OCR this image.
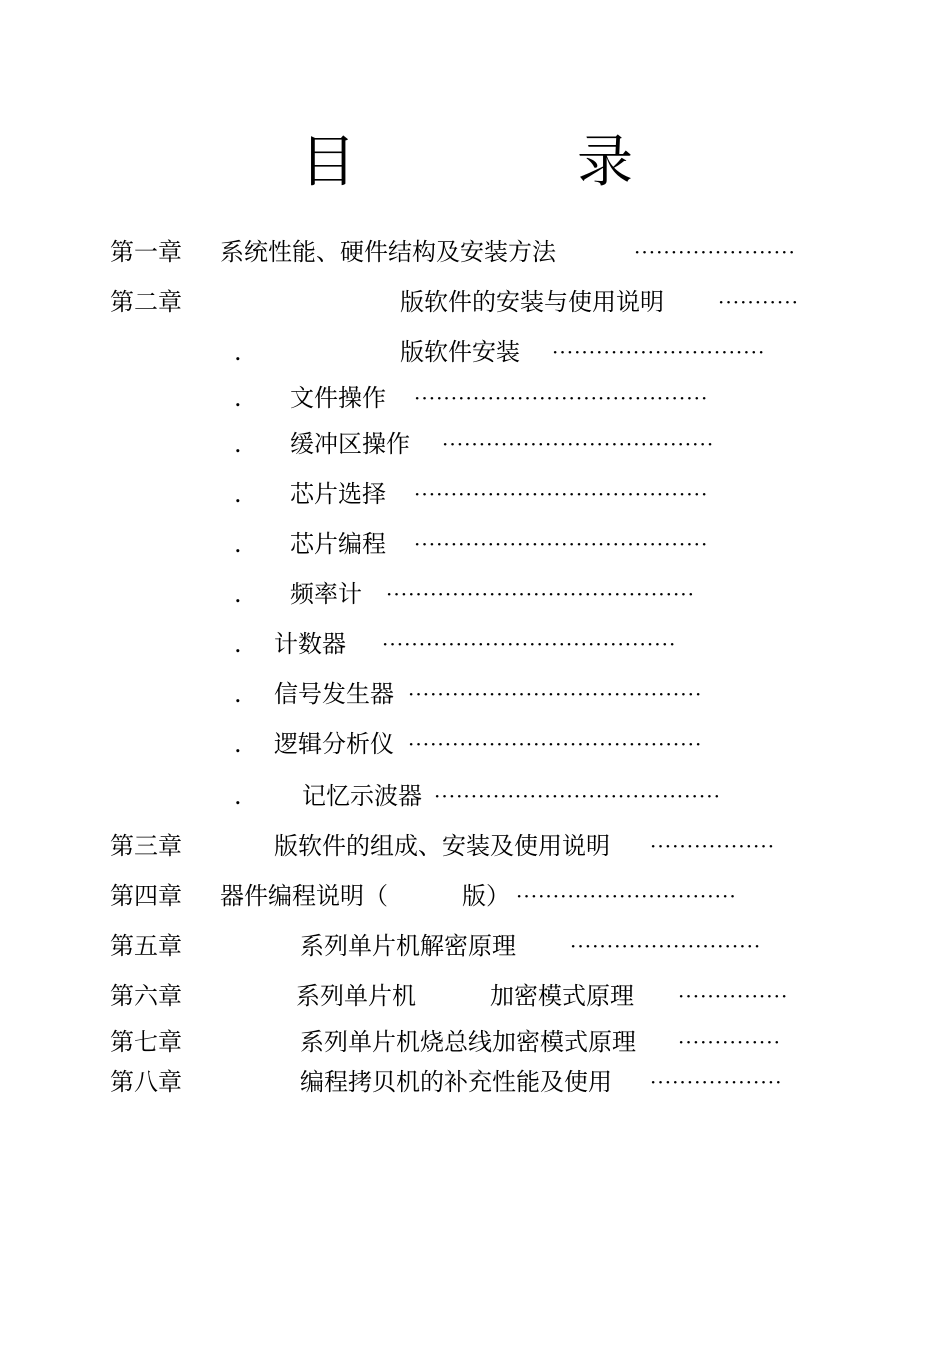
目	录
第一章 系统性能、硬件结构及安装方法	······················
第二章	版软件的安装与使用说明	···········
.	版软件安装 ·····························
. 文件操作 ········································
. 缓冲区操作 ·····································
. 芯片选择 ········································
. 芯片编程 ········································
. 频率计 ··········································
. 计数器 ········································
. 信号发生器 ········································
. 逻辑分析仪 ········································
.	记忆示波器 ·······································
第三章	版软件的组成、安装及使用说明 ·················
第四章 器件编程说明（	版） ······························
第五章	系列单片机解密原理	··························
第六章	系列单片机	加密模式原理 ···············
第七章	系列单片机烧总线加密模式原理 ··············
第八章	编程拷贝机的补充性能及使用 ··················
